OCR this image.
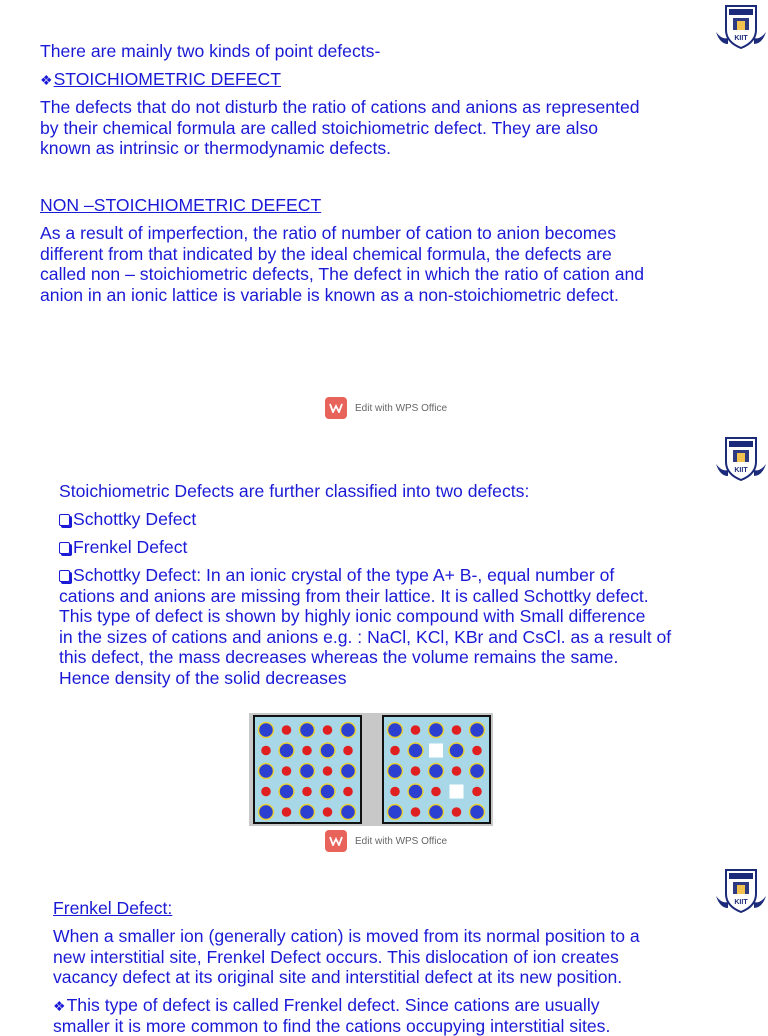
KIIT
There are mainly two kinds of point defects-
❖STOICHIOMETRIC DEFECT
The defects that do not disturb the ratio of cations and anions as represented
by their chemical formula are called stoichiometric defect. They are also
known as intrinsic or thermodynamic defects.
NON –STOICHIOMETRIC DEFECT
As a result of imperfection, the ratio of number of cation to anion becomes
different from that indicated by the ideal chemical formula, the defects are
called non – stoichiometric defects, The defect in which the ratio of cation and
anion in an ionic lattice is variable is known as a non-stoichiometric defect.
Edit with WPS Office
KIIT
Stoichiometric Defects are further classified into two defects:
Schottky Defect
Frenkel Defect
Schottky Defect: In an ionic crystal of the type A+ B-, equal number of
cations and anions are missing from their lattice. It is called Schottky defect.
This type of defect is shown by highly ionic compound with Small difference
in the sizes of cations and anions e.g. : NaCl, KCl, KBr and CsCl. as a result of
this defect, the mass decreases whereas the volume remains the same.
Hence density of the solid decreases
Edit with WPS Office
KIIT
Frenkel Defect:
When a smaller ion (generally cation) is moved from its normal position to a
new interstitial site, Frenkel Defect occurs. This dislocation of ion creates
vacancy defect at its original site and interstitial defect at its new position.
❖This type of defect is called Frenkel defect. Since cations are usually
smaller it is more common to find the cations occupying interstitial sites.
